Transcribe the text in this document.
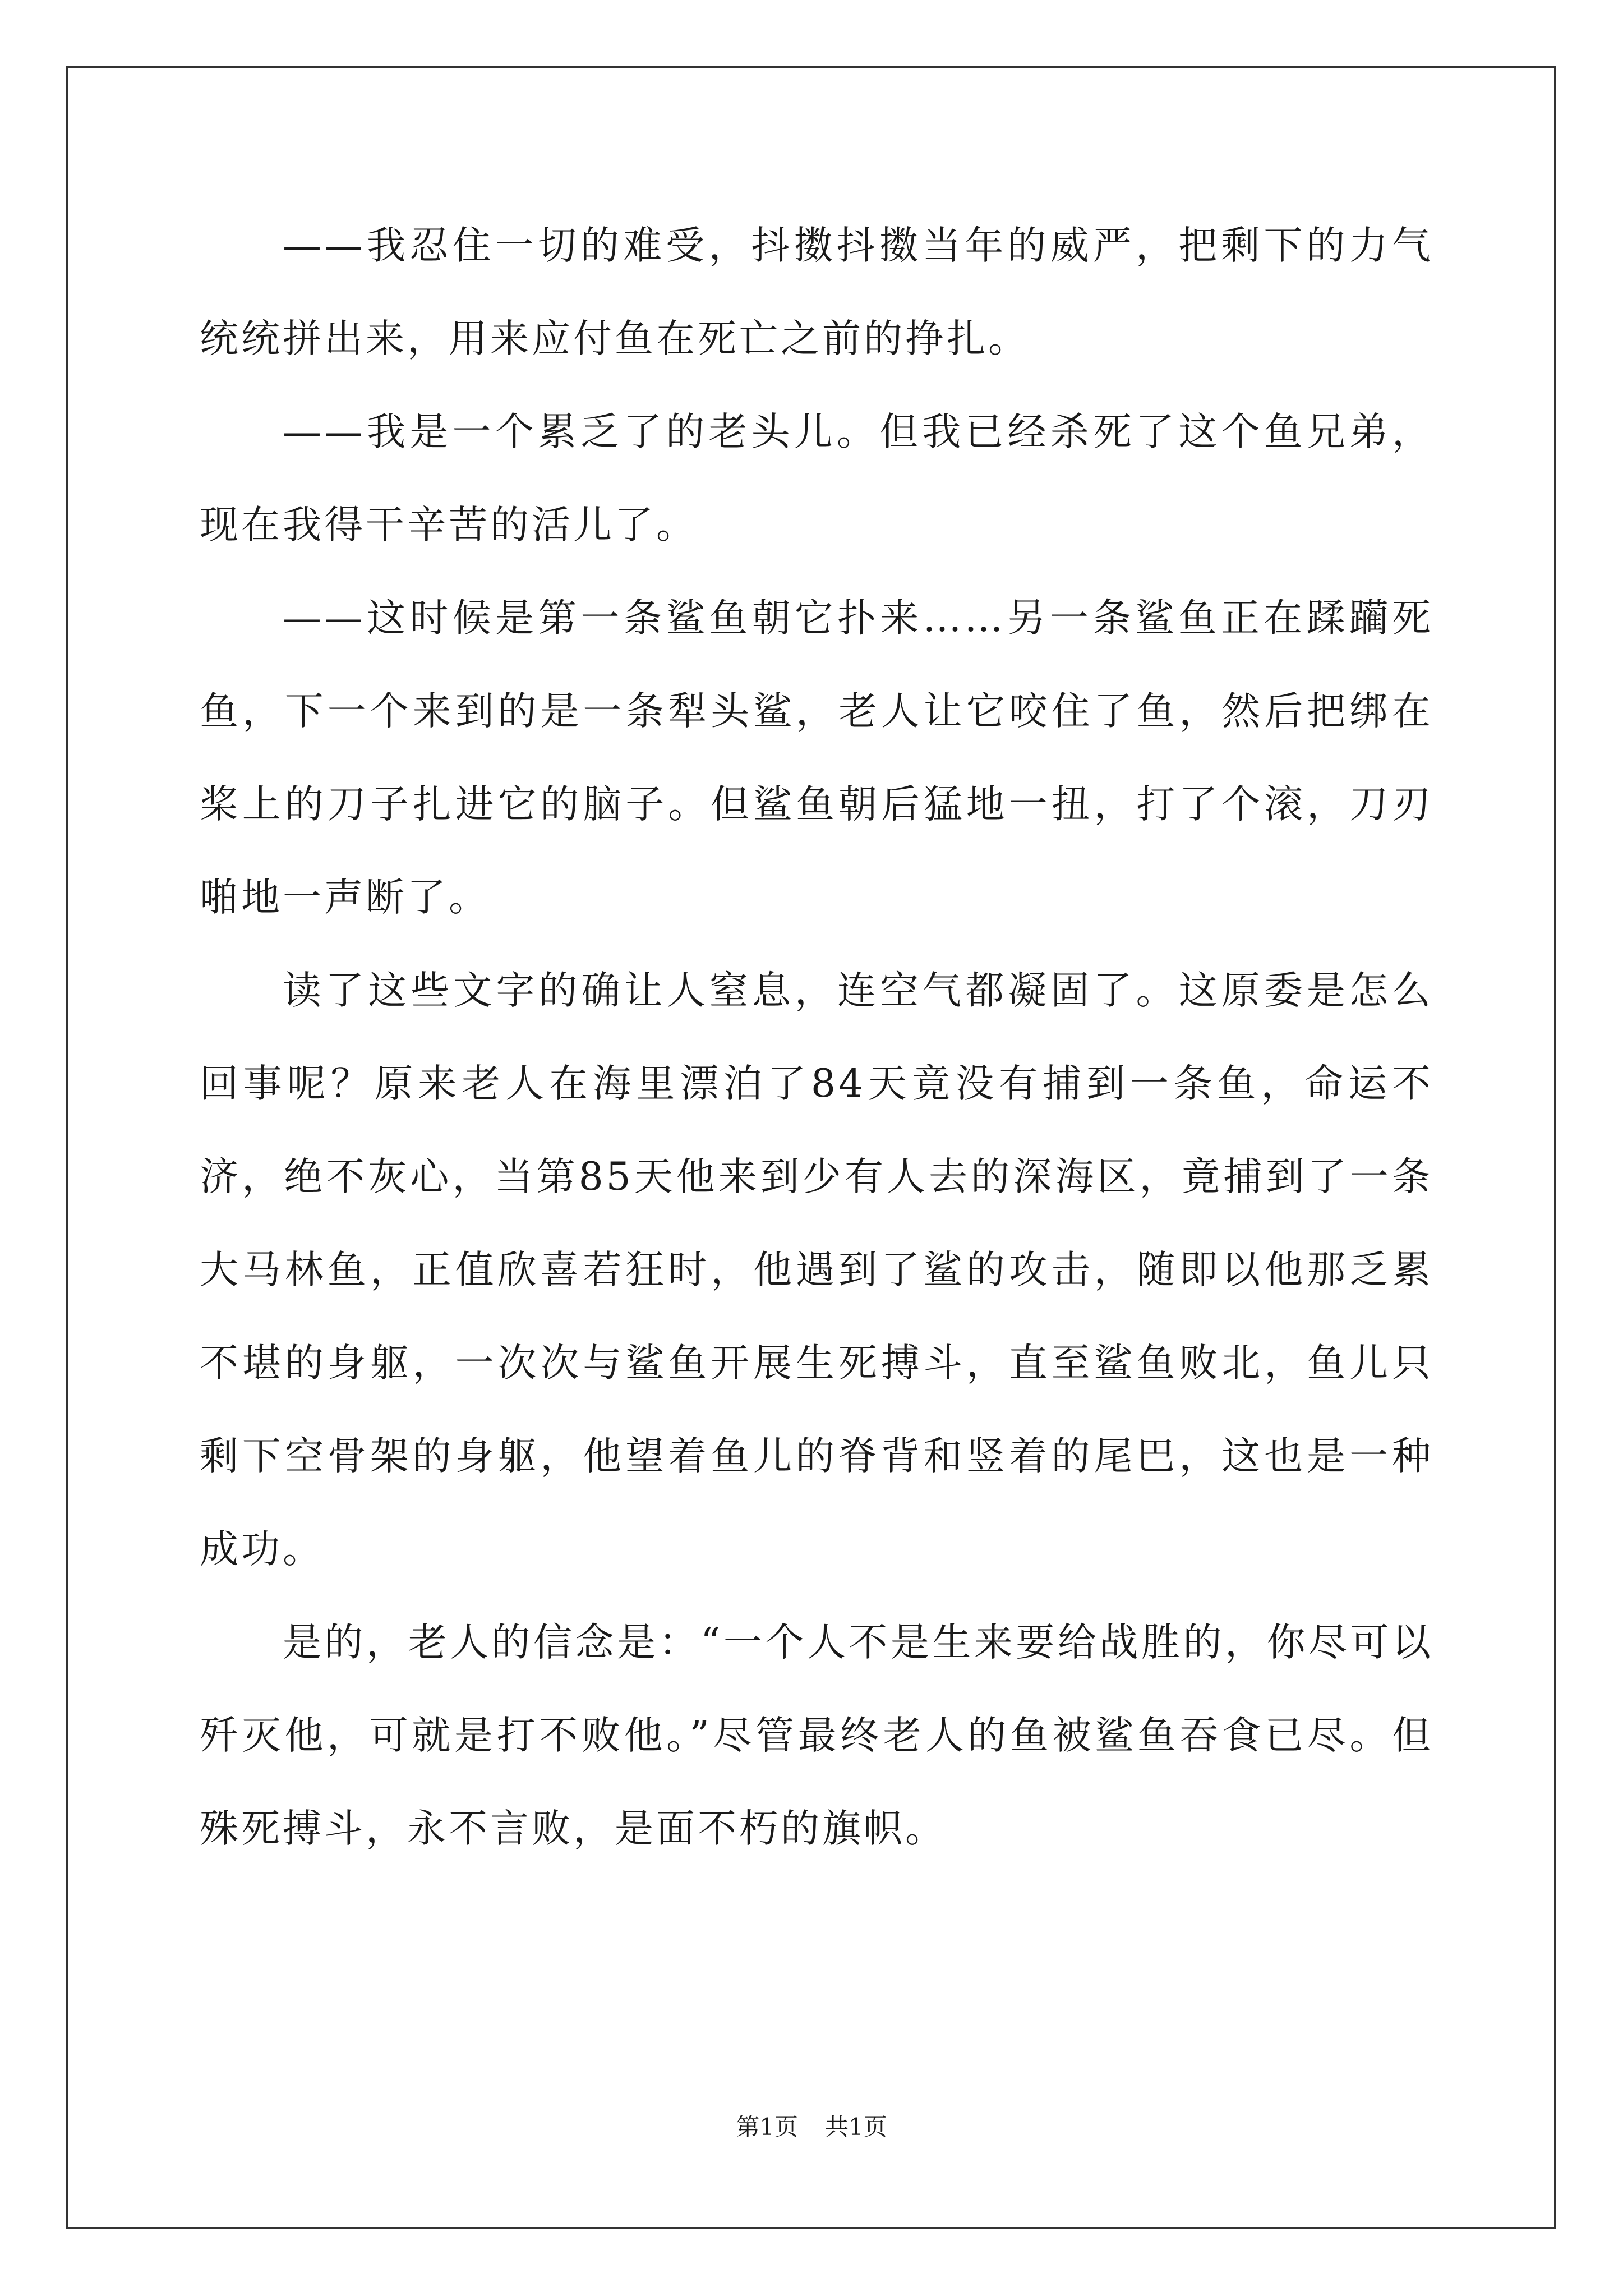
——我忍住一切的难受，抖擞抖擞当年的威严，把剩下的力气统统拼出来，用来应付鱼在死亡之前的挣扎。

——我是一个累乏了的老头儿。但我已经杀死了这个鱼兄弟，现在我得干辛苦的活儿了。

——这时候是第一条鲨鱼朝它扑来……另一条鲨鱼正在蹂躏死鱼，下一个来到的是一条犁头鲨，老人让它咬住了鱼，然后把绑在桨上的刀子扎进它的脑子。但鲨鱼朝后猛地一扭，打了个滚，刀刃啪地一声断了。

读了这些文字的确让人窒息，连空气都凝固了。这原委是怎么回事呢？原来老人在海里漂泊了84天竟没有捕到一条鱼，命运不济，绝不灰心，当第85天他来到少有人去的深海区，竟捕到了一条大马林鱼，正值欣喜若狂时，他遇到了鲨的攻击，随即以他那乏累不堪的身躯，一次次与鲨鱼开展生死搏斗，直至鲨鱼败北，鱼儿只剩下空骨架的身躯，他望着鱼儿的脊背和竖着的尾巴，这也是一种成功。

是的，老人的信念是：“一个人不是生来要给战胜的，你尽可以歼灭他，可就是打不败他。”尽管最终老人的鱼被鲨鱼吞食已尽。但殊死搏斗，永不言败，是面不朽的旗帜。

第1页 共1页
